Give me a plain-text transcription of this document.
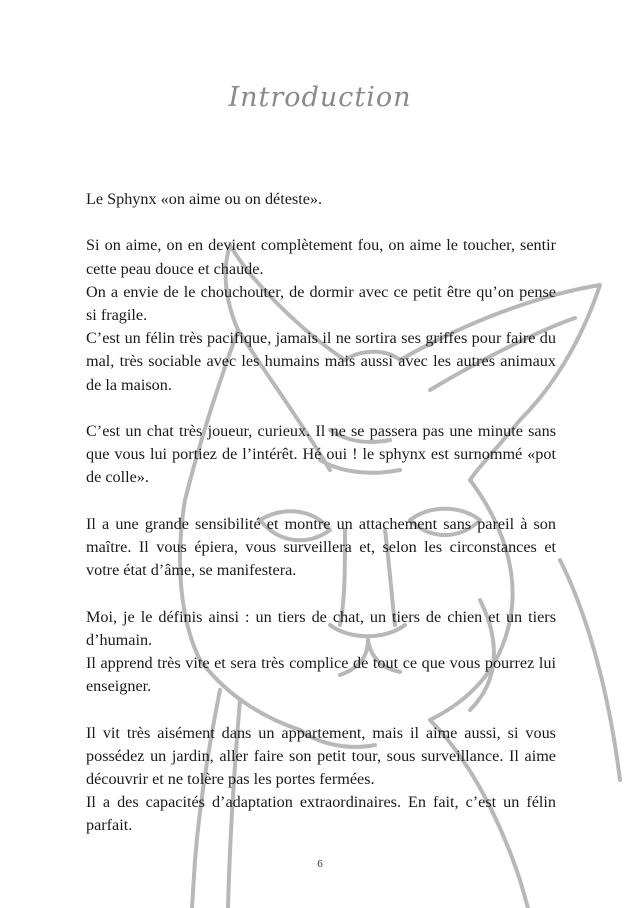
Introduction

Le Sphynx «on aime ou on déteste».

Si on aime, on en devient complètement fou, on aime le toucher, sentir cette peau douce et chaude.

On a envie de le chouchouter, de dormir avec ce petit être qu’on pense si fragile.

C’est un félin très pacifique, jamais il ne sortira ses griffes pour faire du mal, très sociable avec les humains mais aussi avec les autres animaux de la maison.

C’est un chat très joueur, curieux. Il ne se passera pas une minute sans que vous lui portiez de l’intérêt. Hé oui ! le sphynx est surnommé «pot de colle».

Il a une grande sensibilité et montre un attachement sans pareil à son maître. Il vous épiera, vous surveillera et, selon les circonstances et votre état d’âme, se manifestera.

Moi, je le définis ainsi : un tiers de chat, un tiers de chien et un tiers d’humain.

Il apprend très vite et sera très complice de tout ce que vous pourrez lui enseigner.

Il vit très aisément dans un appartement, mais il aime aussi, si vous possédez un jardin, aller faire son petit tour, sous surveillance. Il aime découvrir et ne tolère pas les portes fermées.

Il a des capacités d’adaptation extraordinaires. En fait, c’est un félin parfait.

6
